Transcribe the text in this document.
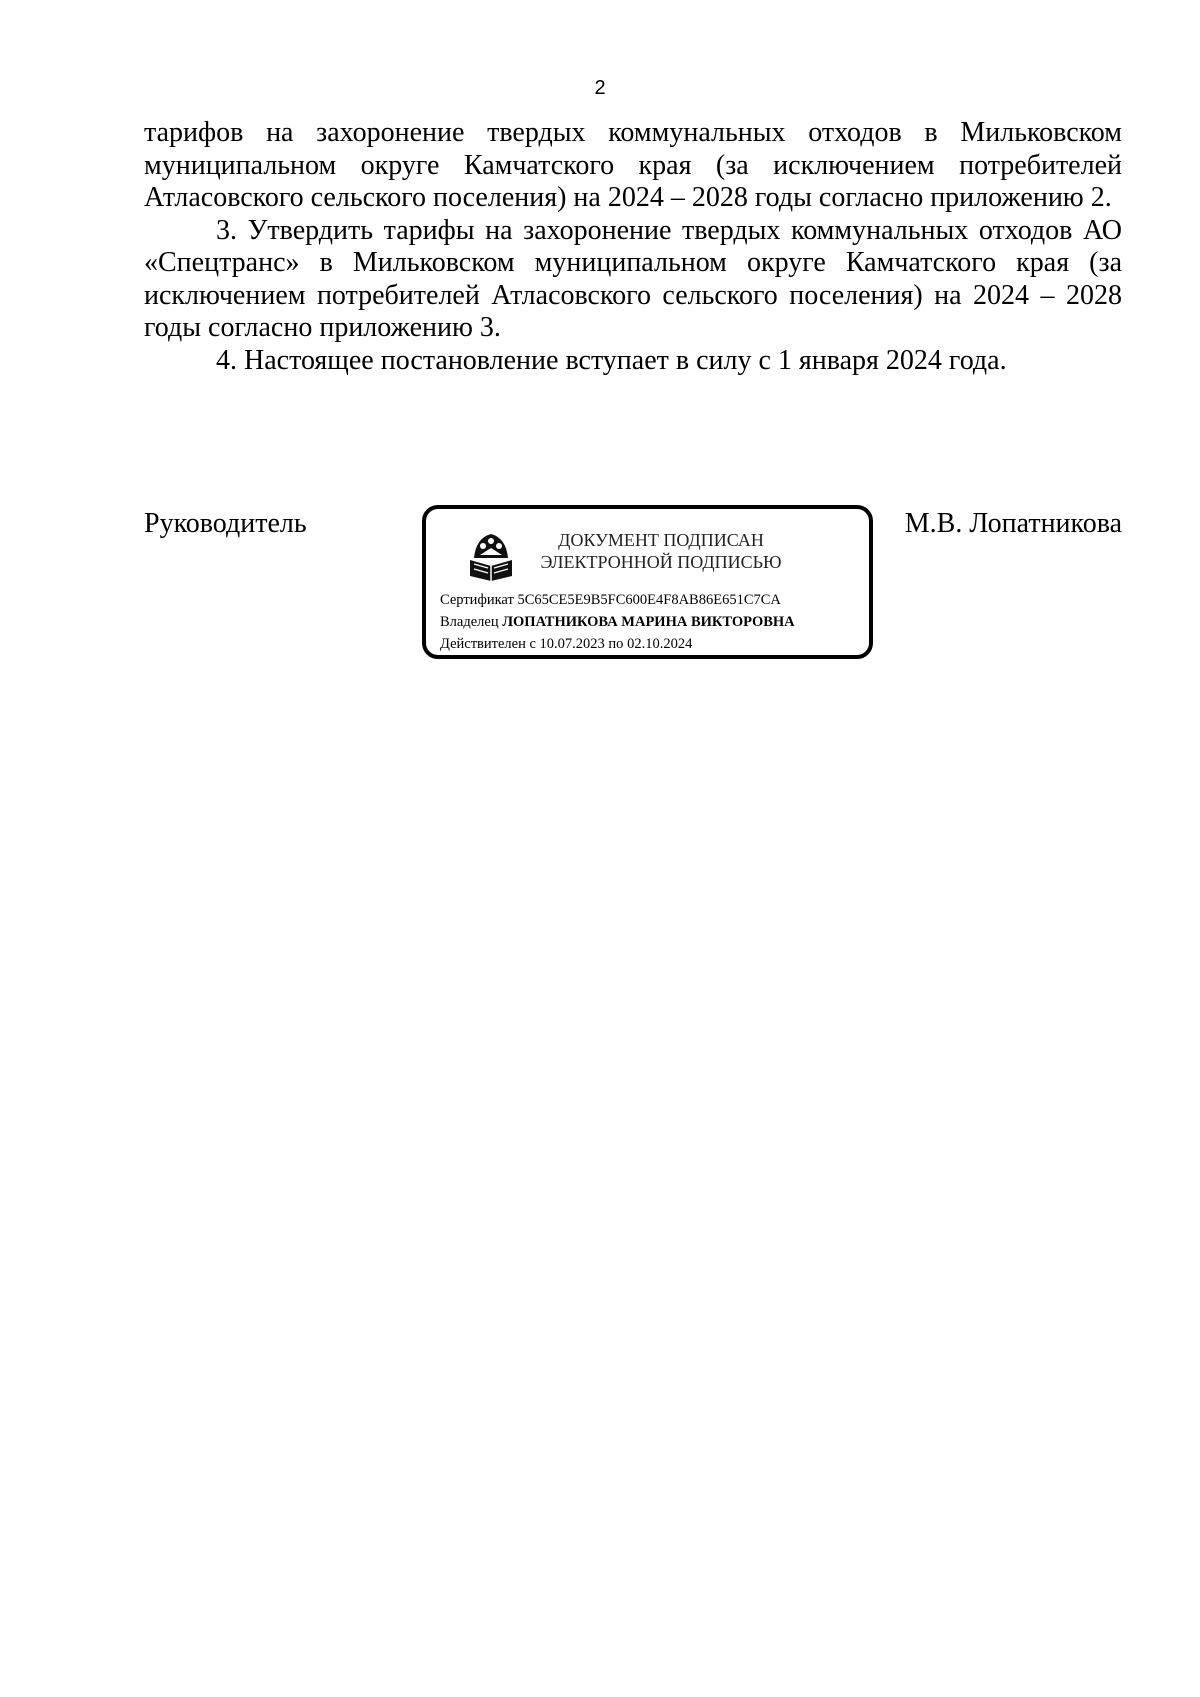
2

тарифов на захоронение твердых коммунальных отходов в Мильковском муниципальном округе Камчатского края (за исключением потребителей Атласовского сельского поселения) на 2024 – 2028 годы согласно приложению 2.

3. Утвердить тарифы на захоронение твердых коммунальных отходов АО «Спецтранс» в Мильковском муниципальном округе Камчатского края (за исключением потребителей Атласовского сельского поселения) на 2024 – 2028 годы согласно приложению 3.

4. Настоящее постановление вступает в силу с 1 января 2024 года.

Руководитель
ДОКУМЕНТ ПОДПИСАН
ЭЛЕКТРОННОЙ ПОДПИСЬЮ
Сертификат 5C65CE5E9B5FC600E4F8AB86E651C7CA
Владелец ЛОПАТНИКОВА МАРИНА ВИКТОРОВНА
Действителен с 10.07.2023 по 02.10.2024
М.В. Лопатникова
